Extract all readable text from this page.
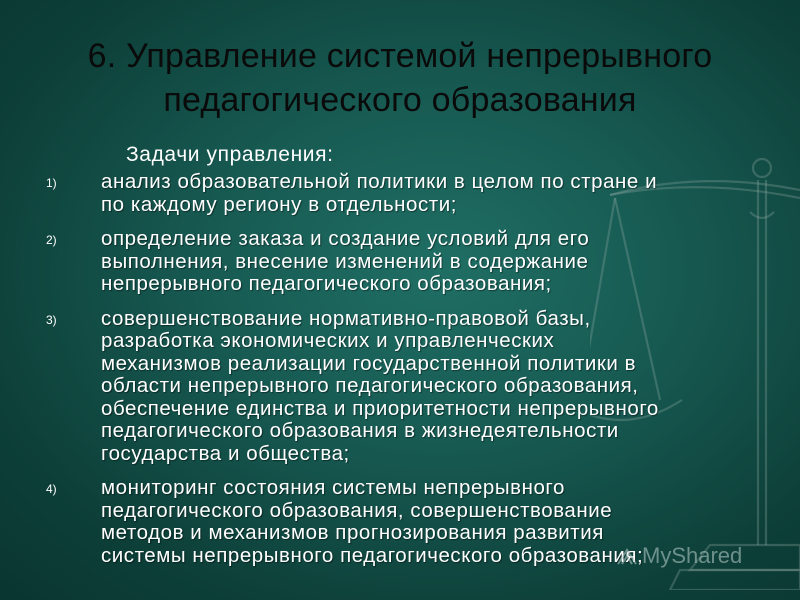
6. Управление системой непрерывного
педагогического образования
Задачи управления:
1) анализ образовательной политики в целом по стране и
по каждому региону в отдельности;
2) определение заказа и создание условий для его
выполнения, внесение изменений в содержание
непрерывного педагогического образования;
3) совершенствование нормативно-правовой базы,
разработка экономических и управленческих
механизмов реализации государственной политики в
области непрерывного педагогического образования,
обеспечение единства и приоритетности непрерывного
педагогического образования в жизнедеятельности
государства и общества;
4) мониторинг состояния системы непрерывного
педагогического образования, совершенствование
методов и механизмов прогнозирования развития
системы непрерывного педагогического образования;
MyShared
